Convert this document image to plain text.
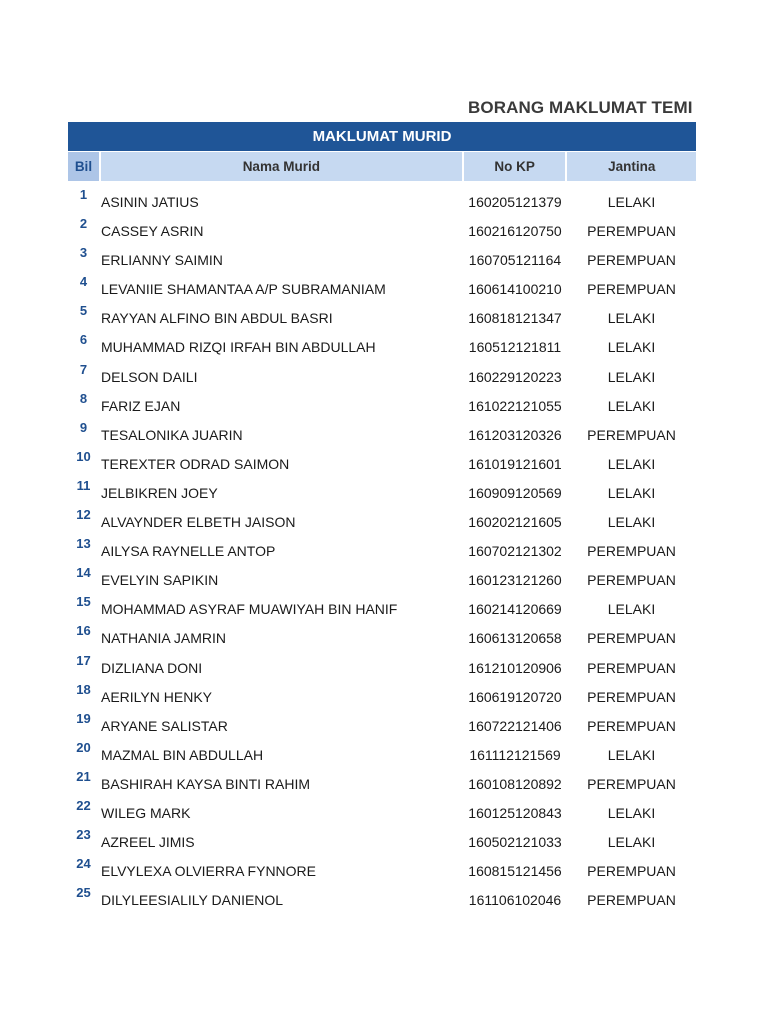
BORANG MAKLUMAT TEMI
MAKLUMAT MURID
Bil	Nama Murid	No KP	Jantina
1 ASININ JATIUS	160205121379	LELAKI
2 CASSEY ASRIN	160216120750	PEREMPUAN
3 ERLIANNY SAIMIN	160705121164	PEREMPUAN
4 LEVANIIE SHAMANTAA A/P SUBRAMANIAM	160614100210	PEREMPUAN
5 RAYYAN ALFINO BIN ABDUL BASRI	160818121347	LELAKI
6 MUHAMMAD RIZQI IRFAH BIN ABDULLAH	160512121811	LELAKI
7 DELSON DAILI	160229120223	LELAKI
8 FARIZ EJAN	161022121055	LELAKI
9 TESALONIKA JUARIN	161203120326	PEREMPUAN
10 TEREXTER ODRAD SAIMON	161019121601	LELAKI
11 JELBIKREN JOEY	160909120569	LELAKI
12 ALVAYNDER ELBETH JAISON	160202121605	LELAKI
13 AILYSA RAYNELLE ANTOP	160702121302	PEREMPUAN
14 EVELYIN SAPIKIN	160123121260	PEREMPUAN
15 MOHAMMAD ASYRAF MUAWIYAH BIN HANIF	160214120669	LELAKI
16 NATHANIA JAMRIN	160613120658	PEREMPUAN
17 DIZLIANA DONI	161210120906	PEREMPUAN
18 AERILYN HENKY	160619120720	PEREMPUAN
19 ARYANE SALISTAR	160722121406	PEREMPUAN
20 MAZMAL BIN ABDULLAH	161112121569	LELAKI
21 BASHIRAH KAYSA BINTI RAHIM	160108120892	PEREMPUAN
22 WILEG MARK	160125120843	LELAKI
23 AZREEL JIMIS	160502121033	LELAKI
24 ELVYLEXA OLVIERRA FYNNORE	160815121456	PEREMPUAN
25 DILYLEESIALILY DANIENOL	161106102046	PEREMPUAN
